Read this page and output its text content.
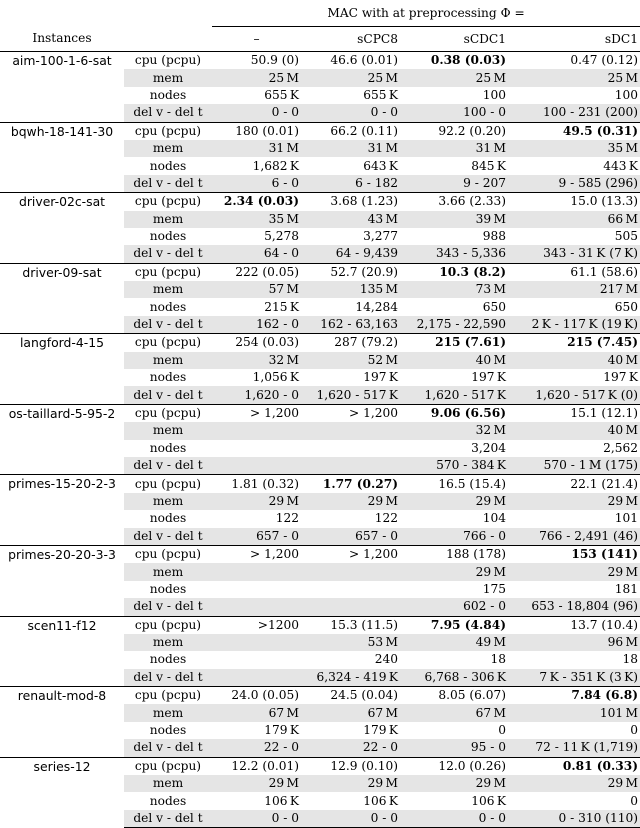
		MAC with at preprocessing Φ =			
Instances		–	sCPC8	sCDC1	sDC1
aim-100-1-6-sat	cpu (pcpu)	50.9 (0)	46.6 (0.01)	0.38 (0.03)	0.47 (0.12)
	mem	25 M	25 M	25 M	25 M
	nodes	655 K	655 K	100	100
	del v - del t	0 - 0	0 - 0	100 - 0	100 - 231 (200)
bqwh-18-141-30	cpu (pcpu)	180 (0.01)	66.2 (0.11)	92.2 (0.20)	49.5 (0.31)
	mem	31 M	31 M	31 M	35 M
	nodes	1,682 K	643 K	845 K	443 K
	del v - del t	6 - 0	6 - 182	9 - 207	9 - 585 (296)
driver-02c-sat	cpu (pcpu)	2.34 (0.03)	3.68 (1.23)	3.66 (2.33)	15.0 (13.3)
	mem	35 M	43 M	39 M	66 M
	nodes	5,278	3,277	988	505
	del v - del t	64 - 0	64 - 9,439	343 - 5,336	343 - 31 K (7 K)
driver-09-sat	cpu (pcpu)	222 (0.05)	52.7 (20.9)	10.3 (8.2)	61.1 (58.6)
	mem	57 M	135 M	73 M	217 M
	nodes	215 K	14,284	650	650
	del v - del t	162 - 0	162 - 63,163	2,175 - 22,590	2 K - 117 K (19 K)
langford-4-15	cpu (pcpu)	254 (0.03)	287 (79.2)	215 (7.61)	215 (7.45)
	mem	32 M	52 M	40 M	40 M
	nodes	1,056 K	197 K	197 K	197 K
	del v - del t	1,620 - 0	1,620 - 517 K	1,620 - 517 K	1,620 - 517 K (0)
os-taillard-5-95-2	cpu (pcpu)	> 1,200	> 1,200	9.06 (6.56)	15.1 (12.1)
	mem			32 M	40 M
	nodes			3,204	2,562
	del v - del t			570 - 384 K	570 - 1 M (175)
primes-15-20-2-3	cpu (pcpu)	1.81 (0.32)	1.77 (0.27)	16.5 (15.4)	22.1 (21.4)
	mem	29 M	29 M	29 M	29 M
	nodes	122	122	104	101
	del v - del t	657 - 0	657 - 0	766 - 0	766 - 2,491 (46)
primes-20-20-3-3	cpu (pcpu)	> 1,200	> 1,200	188 (178)	153 (141)
	mem			29 M	29 M
	nodes			175	181
	del v - del t			602 - 0	653 - 18,804 (96)
scen11-f12	cpu (pcpu)	>1200	15.3 (11.5)	7.95 (4.84)	13.7 (10.4)
	mem		53 M	49 M	96 M
	nodes		240	18	18
	del v - del t		6,324 - 419 K	6,768 - 306 K	7 K - 351 K (3 K)
renault-mod-8	cpu (pcpu)	24.0 (0.05)	24.5 (0.04)	8.05 (6.07)	7.84 (6.8)
	mem	67 M	67 M	67 M	101 M
	nodes	179 K	179 K	0	0
	del v - del t	22 - 0	22 - 0	95 - 0	72 - 11 K (1,719)
series-12	cpu (pcpu)	12.2 (0.01)	12.9 (0.10)	12.0 (0.26)	0.81 (0.33)
	mem	29 M	29 M	29 M	29 M
	nodes	106 K	106 K	106 K	0
	del v - del t	0 - 0	0 - 0	0 - 0	0 - 310 (110)
